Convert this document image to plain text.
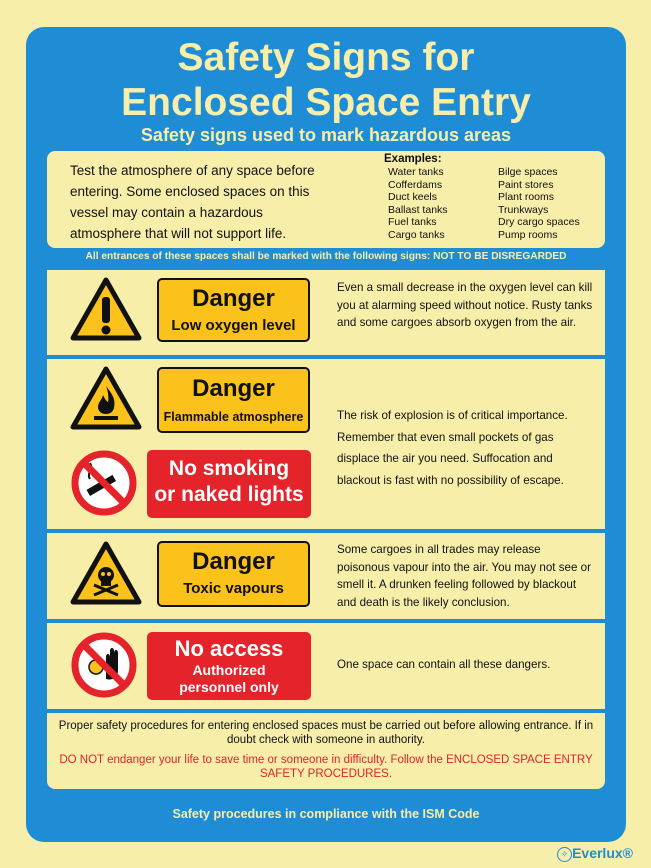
Safety Signs for
Enclosed Space Entry
Safety signs used to mark hazardous areas
Test the atmosphere of any space before entering. Some enclosed spaces on this vessel may contain a hazardous atmosphere that will not support life.
Examples:
Water tanks
Cofferdams
Duct keels
Ballast tanks
Fuel tanks
Cargo tanks
Bilge spaces
Paint stores
Plant rooms
Trunkways
Dry cargo spaces
Pump rooms
All entrances of these spaces shall be marked with the following signs: NOT TO BE DISREGARDED
Danger
Low oxygen level
Even a small decrease in the oxygen level can kill you at alarming speed without notice. Rusty tanks and some cargoes absorb oxygen from the air.
Danger
Flammable atmosphere
No smoking
or naked lights
The risk of explosion is of critical importance. Remember that even small pockets of gas displace the air you need. Suffocation and blackout is fast with no possibility of escape.
Danger
Toxic vapours
Some cargoes in all trades may release poisonous vapour into the air. You may not see or smell it. A drunken feeling followed by blackout and death is the likely conclusion.
No access
Authorized
personnel only
One space can contain all these dangers.
Proper safety procedures for entering enclosed spaces must be carried out before allowing entrance. If in doubt check with someone in authority.
DO NOT endanger your life to save time or someone in difficulty. Follow the ENCLOSED SPACE ENTRY SAFETY PROCEDURES.
Safety procedures in compliance with the ISM Code
✧ Everlux®
